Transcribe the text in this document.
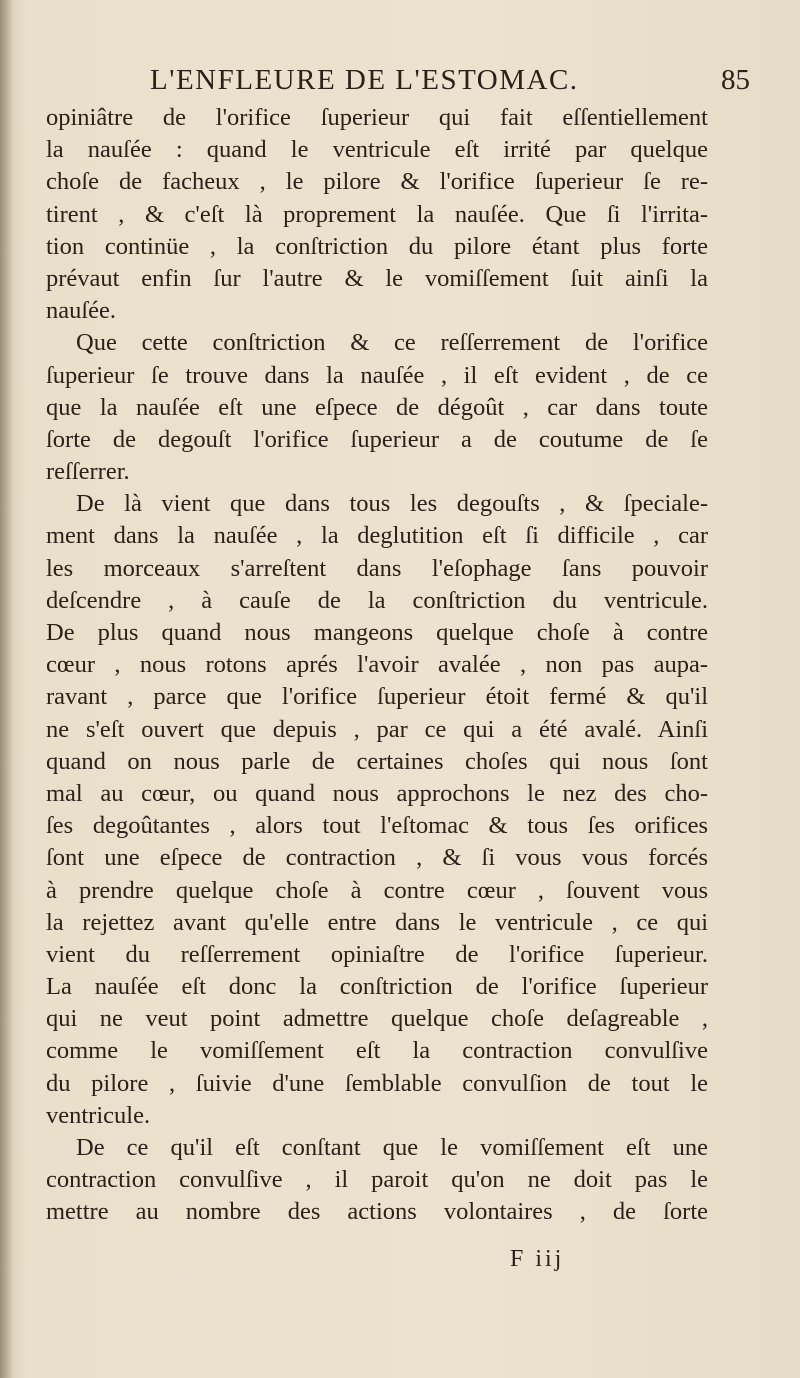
L'ENFLEURE DE L'ESTOMAC.	85
opiniâtre de l'orifice ſuperieur qui fait eſſentiellement
la nauſée : quand le ventricule eſt irrité par quelque
choſe de facheux , le pilore & l'orifice ſuperieur ſe re-
tirent , & c'eſt là proprement la nauſée. Que ſi l'irrita-
tion continüe , la conſtriction du pilore étant plus forte
prévaut enfin ſur l'autre & le vomiſſement ſuit ainſi la
nauſée.
Que cette conſtriction & ce reſſerrement de l'orifice
ſuperieur ſe trouve dans la nauſée , il eſt evident , de ce
que la nauſée eſt une eſpece de dégoût , car dans toute
ſorte de degouſt l'orifice ſuperieur a de coutume de ſe
reſſerrer.
De là vient que dans tous les degouſts , & ſpeciale-
ment dans la nauſée , la deglutition eſt ſi difficile , car
les morceaux s'arreſtent dans l'eſophage ſans pouvoir
deſcendre , à cauſe de la conſtriction du ventricule.
De plus quand nous mangeons quelque choſe à contre
cœur , nous rotons aprés l'avoir avalée , non pas aupa-
ravant , parce que l'orifice ſuperieur étoit fermé & qu'il
ne s'eſt ouvert que depuis , par ce qui a été avalé. Ainſi
quand on nous parle de certaines choſes qui nous ſont
mal au cœur, ou quand nous approchons le nez des cho-
ſes degoûtantes , alors tout l'eſtomac & tous ſes orifices
ſont une eſpece de contraction , & ſi vous vous forcés
à prendre quelque choſe à contre cœur , ſouvent vous
la rejettez avant qu'elle entre dans le ventricule , ce qui
vient du reſſerrement opiniaſtre de l'orifice ſuperieur.
La nauſée eſt donc la conſtriction de l'orifice ſuperieur
qui ne veut point admettre quelque choſe deſagreable ,
comme le vomiſſement eſt la contraction convulſive
du pilore , ſuivie d'une ſemblable convulſion de tout le
ventricule.
De ce qu'il eſt conſtant que le vomiſſement eſt une
contraction convulſive , il paroit qu'on ne doit pas le
mettre au nombre des actions volontaires , de ſorte
F iij
